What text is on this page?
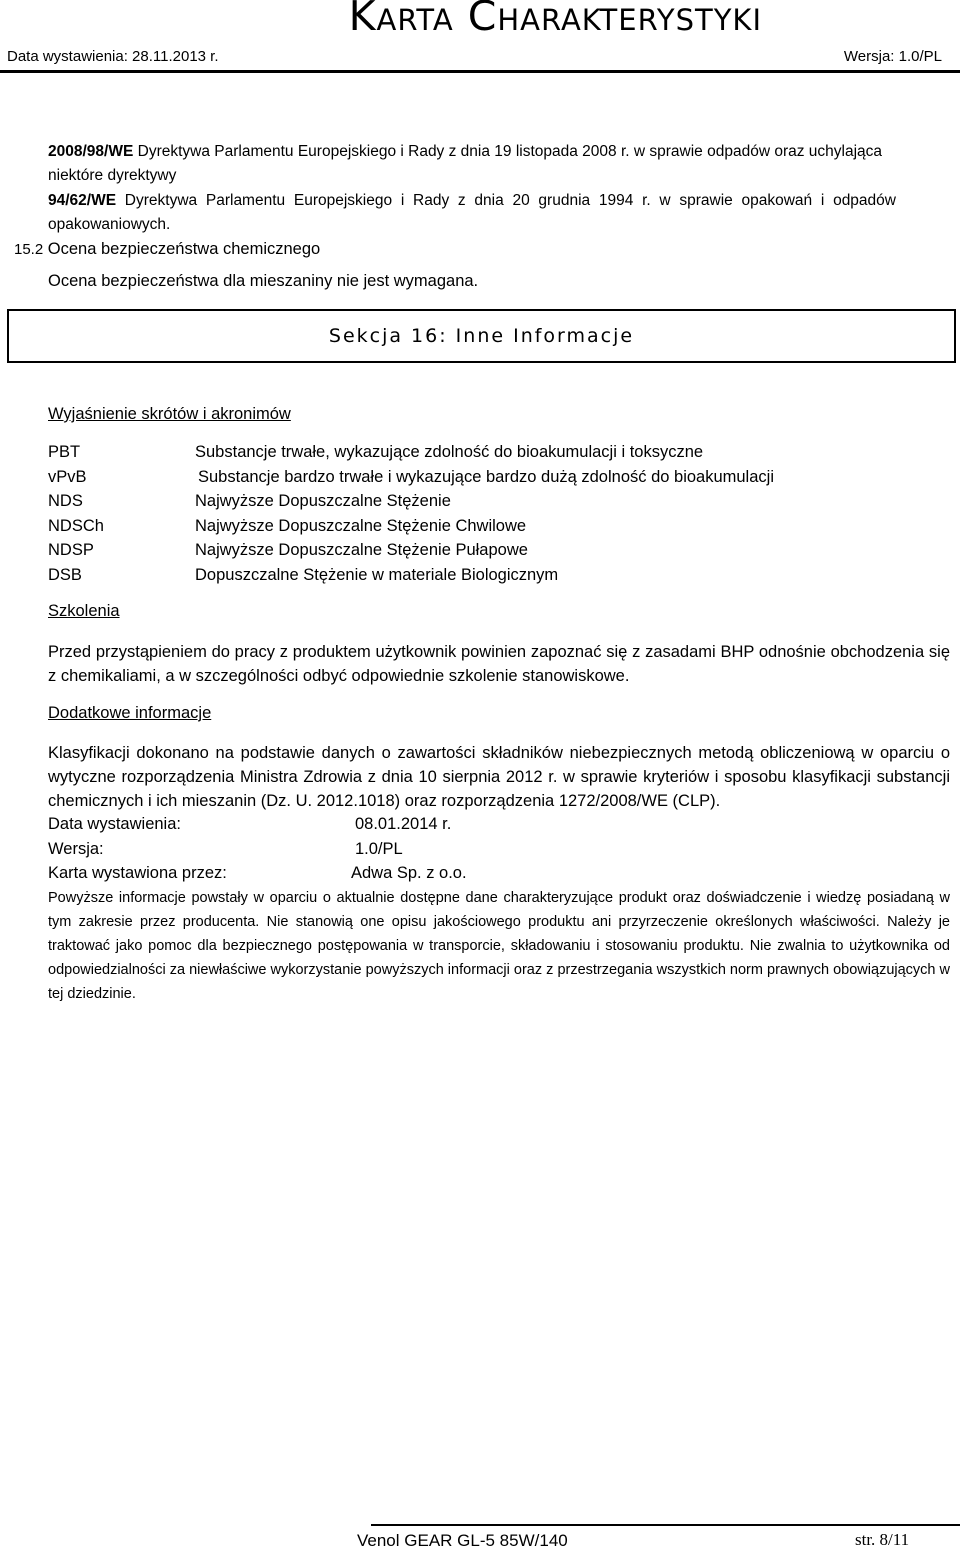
Karta Charakterystyki
Data wystawienia: 28.11.2013 r.	Wersja: 1.0/PL
2008/98/WE Dyrektywa Parlamentu Europejskiego i Rady z dnia 19 listopada 2008 r. w sprawie odpadów oraz uchylająca niektóre dyrektywy
94/62/WE Dyrektywa Parlamentu Europejskiego i Rady z dnia 20 grudnia 1994 r. w sprawie opakowań i odpadów opakowaniowych.
15.2 Ocena bezpieczeństwa chemicznego
Ocena bezpieczeństwa dla mieszaniny nie jest wymagana.
Sekcja 16: Inne Informacje
Wyjaśnienie skrótów i akronimów
PBT	Substancje trwałe, wykazujące zdolność do bioakumulacji i toksyczne
vPvB	Substancje bardzo trwałe i wykazujące bardzo dużą zdolność do bioakumulacji
NDS	Najwyższe Dopuszczalne Stężenie
NDSCh	Najwyższe Dopuszczalne Stężenie Chwilowe
NDSP	Najwyższe Dopuszczalne Stężenie Pułapowe
DSB	Dopuszczalne Stężenie w materiale Biologicznym
Szkolenia
Przed przystąpieniem do pracy z produktem użytkownik powinien zapoznać się z zasadami BHP odnośnie obchodzenia się z chemikaliami, a w szczególności odbyć odpowiednie szkolenie stanowiskowe.
Dodatkowe informacje
Klasyfikacji dokonano na podstawie danych o zawartości składników niebezpiecznych metodą obliczeniową w oparciu o wytyczne rozporządzenia Ministra Zdrowia z dnia 10 sierpnia 2012 r. w sprawie kryteriów i sposobu klasyfikacji substancji chemicznych i ich mieszanin (Dz. U. 2012.1018) oraz rozporządzenia 1272/2008/WE (CLP).
Data wystawienia:	08.01.2014 r.
Wersja:	1.0/PL
Karta wystawiona przez:	Adwa Sp. z o.o.
Powyższe informacje powstały w oparciu o aktualnie dostępne dane charakteryzujące produkt oraz doświadczenie i wiedzę posiadaną w tym zakresie przez producenta. Nie stanowią one opisu jakościowego produktu ani przyrzeczenie określonych właściwości. Należy je traktować jako pomoc dla bezpiecznego postępowania w transporcie, składowaniu i stosowaniu produktu. Nie zwalnia to użytkownika od odpowiedzialności za niewłaściwe wykorzystanie powyższych informacji oraz z przestrzegania wszystkich norm prawnych obowiązujących w tej dziedzinie.
Venol GEAR GL-5 85W/140	str. 8/11
